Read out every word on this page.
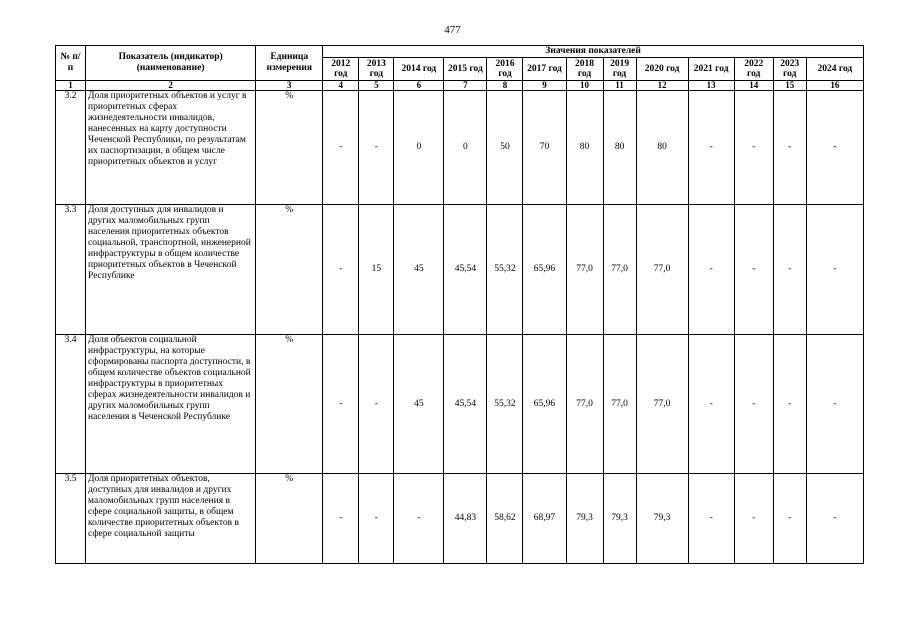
477
№ п/п	Показатель (индикатор) (наименование)	Единица измерения	Значения показателей												
			2012 год	2013 год	2014 год	2015 год	2016 год	2017 год	2018 год	2019 год	2020 год	2021 год	2022 год	2023 год	2024 год
1	2	3	4	5	6	7	8	9	10	11	12	13	14	15	16
3.2	Доля приоритетных объектов и услуг в приоритетных сферах жизнедеятельности инвалидов, нанесенных на карту доступности Чеченской Республики, по результатам их паспортизации, в общем числе приоритетных объектов и услуг	%	-	-	0	0	50	70	80	80	80	-	-	-	-
3.3	Доля доступных для инвалидов и других маломобильных групп населения приоритетных объектов социальной, транспортной, инженерной инфраструктуры в общем количестве приоритетных объектов в Чеченской Республике	%	-	15	45	45,54	55,32	65,96	77,0	77,0	77,0	-	-	-	-
3.4	Доля объектов социальной инфраструктуры, на которые сформированы паспорта доступности, в общем количестве объектов социальной инфраструктуры в приоритетных сферах жизнедеятельности инвалидов и других маломобильных групп населения в Чеченской Республике	%	-	-	45	45,54	55,32	65,96	77,0	77,0	77,0	-	-	-	-
3.5	Доля приоритетных объектов, доступных для инвалидов и других маломобильных групп населения в сфере социальной защиты, в общем количестве приоритетных объектов в сфере социальной защиты	%	-	-	-	44,83	58,62	68,97	79,3	79,3	79,3	-	-	-	-
